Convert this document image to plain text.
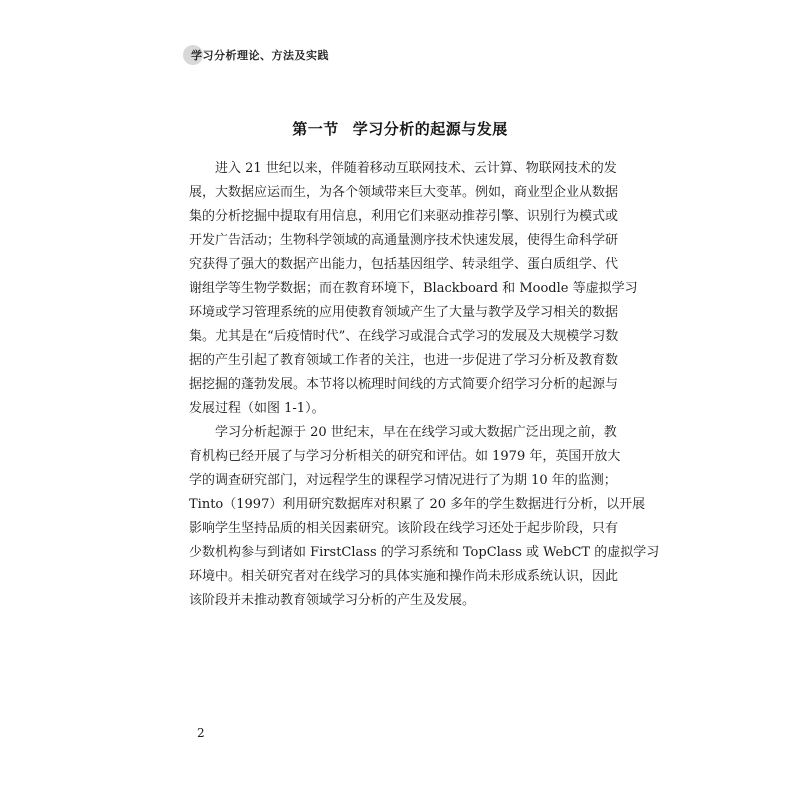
学习分析理论、方法及实践
第一节 学习分析的起源与发展
进入 21 世纪以来，伴随着移动互联网技术、云计算、物联网技术的发
展，大数据应运而生，为各个领域带来巨大变革。例如，商业型企业从数据
集的分析挖掘中提取有用信息，利用它们来驱动推荐引擎、识别行为模式或
开发广告活动；生物科学领域的高通量测序技术快速发展，使得生命科学研
究获得了强大的数据产出能力，包括基因组学、转录组学、蛋白质组学、代
谢组学等生物学数据；而在教育环境下，Blackboard 和 Moodle 等虚拟学习
环境或学习管理系统的应用使教育领域产生了大量与教学及学习相关的数据
集。尤其是在“后疫情时代”、在线学习或混合式学习的发展及大规模学习数
据的产生引起了教育领域工作者的关注，也进一步促进了学习分析及教育数
据挖掘的蓬勃发展。本节将以梳理时间线的方式简要介绍学习分析的起源与
发展过程（如图 1-1）。
学习分析起源于 20 世纪末，早在在线学习或大数据广泛出现之前，教
育机构已经开展了与学习分析相关的研究和评估。如 1979 年，英国开放大
学的调查研究部门，对远程学生的课程学习情况进行了为期 10 年的监测；
Tinto（1997）利用研究数据库对积累了 20 多年的学生数据进行分析，以开展
影响学生坚持品质的相关因素研究。该阶段在线学习还处于起步阶段，只有
少数机构参与到诸如 FirstClass 的学习系统和 TopClass 或 WebCT 的虚拟学习
环境中。相关研究者对在线学习的具体实施和操作尚未形成系统认识，因此
该阶段并未推动教育领域学习分析的产生及发展。
2
